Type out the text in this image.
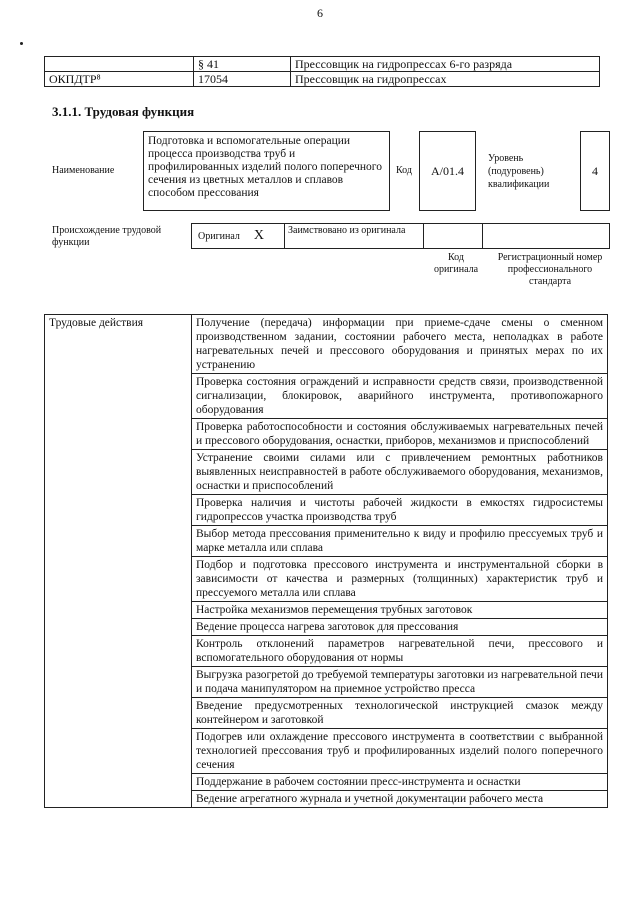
6
	§ 41	Прессовщик на гидропрессах 6-го разряда
ОКПДТР⁸	17054	Прессовщик на гидропрессах
3.1.1. Трудовая функция
Наименование
Подготовка и вспомогательные операции процесса производства труб и профилированных изделий полого поперечного сечения из цветных металлов и сплавов способом прессования
Код	А/01.4
Уровень (подуровень) квалификации
4
Происхождение трудовой функции
Оригинал X	Заимствовано из оригинала
Код оригинала
Регистрационный номер профессионального стандарта
Трудовые действия	Получение (передача) информации при приеме-сдаче смены о сменном производственном задании, состоянии рабочего места, неполадках в работе нагревательных печей и прессового оборудования и принятых мерах по их устранению
Проверка состояния ограждений и исправности средств связи, производственной сигнализации, блокировок, аварийного инструмента, противопожарного оборудования
Проверка работоспособности и состояния обслуживаемых нагревательных печей и прессового оборудования, оснастки, приборов, механизмов и приспособлений
Устранение своими силами или с привлечением ремонтных работников выявленных неисправностей в работе обслуживаемого оборудования, механизмов, оснастки и приспособлений
Проверка наличия и чистоты рабочей жидкости в емкостях гидросистемы гидропрессов участка производства труб
Выбор метода прессования применительно к виду и профилю прессуемых труб и марке металла или сплава
Подбор и подготовка прессового инструмента и инструментальной сборки в зависимости от качества и размерных (толщинных) характеристик труб и прессуемого металла или сплава
Настройка механизмов перемещения трубных заготовок
Ведение процесса нагрева заготовок для прессования
Контроль отклонений параметров нагревательной печи, прессового и вспомогательного оборудования от нормы
Выгрузка разогретой до требуемой температуры заготовки из нагревательной печи и подача манипулятором на приемное устройство пресса
Введение предусмотренных технологической инструкцией смазок между контейнером и заготовкой
Подогрев или охлаждение прессового инструмента в соответствии с выбранной технологией прессования труб и профилированных изделий полого поперечного сечения
Поддержание в рабочем состоянии пресс-инструмента и оснастки
Ведение агрегатного журнала и учетной документации рабочего места
